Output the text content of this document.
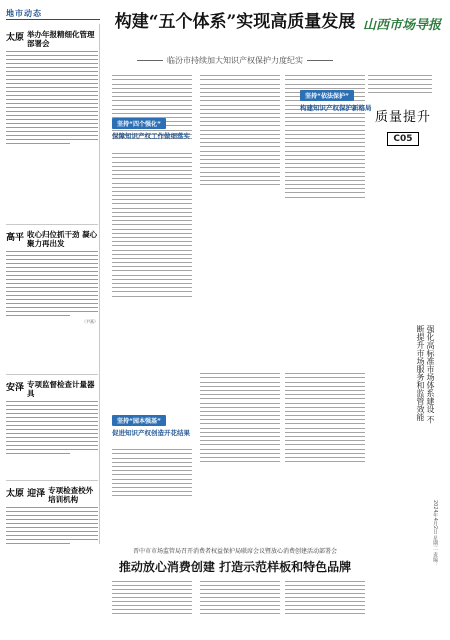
地市动态
太原 举办年报精细化管理部署会
高平 收心归位抓干劲 凝心聚力再出发
（尹燕）
安泽 专项监督检查计量器具
太原 迎泽 专项检查校外培训机构
构建“五个体系”实现高质量发展
临汾市持续加大知识产权保护力度纪实
坚持“四个强化”
保障知识产权工作做细落实
坚持“园本强基”
促进知识产权创造开花结果
坚持“依法保护”
构建知识产权保护新格局
山西市场导报
质量提升
C05
强化高标准市场体系建设 不断提升市场服务和监管效能
2024年4月2日 星期二 责编：
晋中市市场监管局召开消费者权益保护局联席会议暨放心消费创建活动部署会
推动放心消费创建 打造示范样板和特色品牌
